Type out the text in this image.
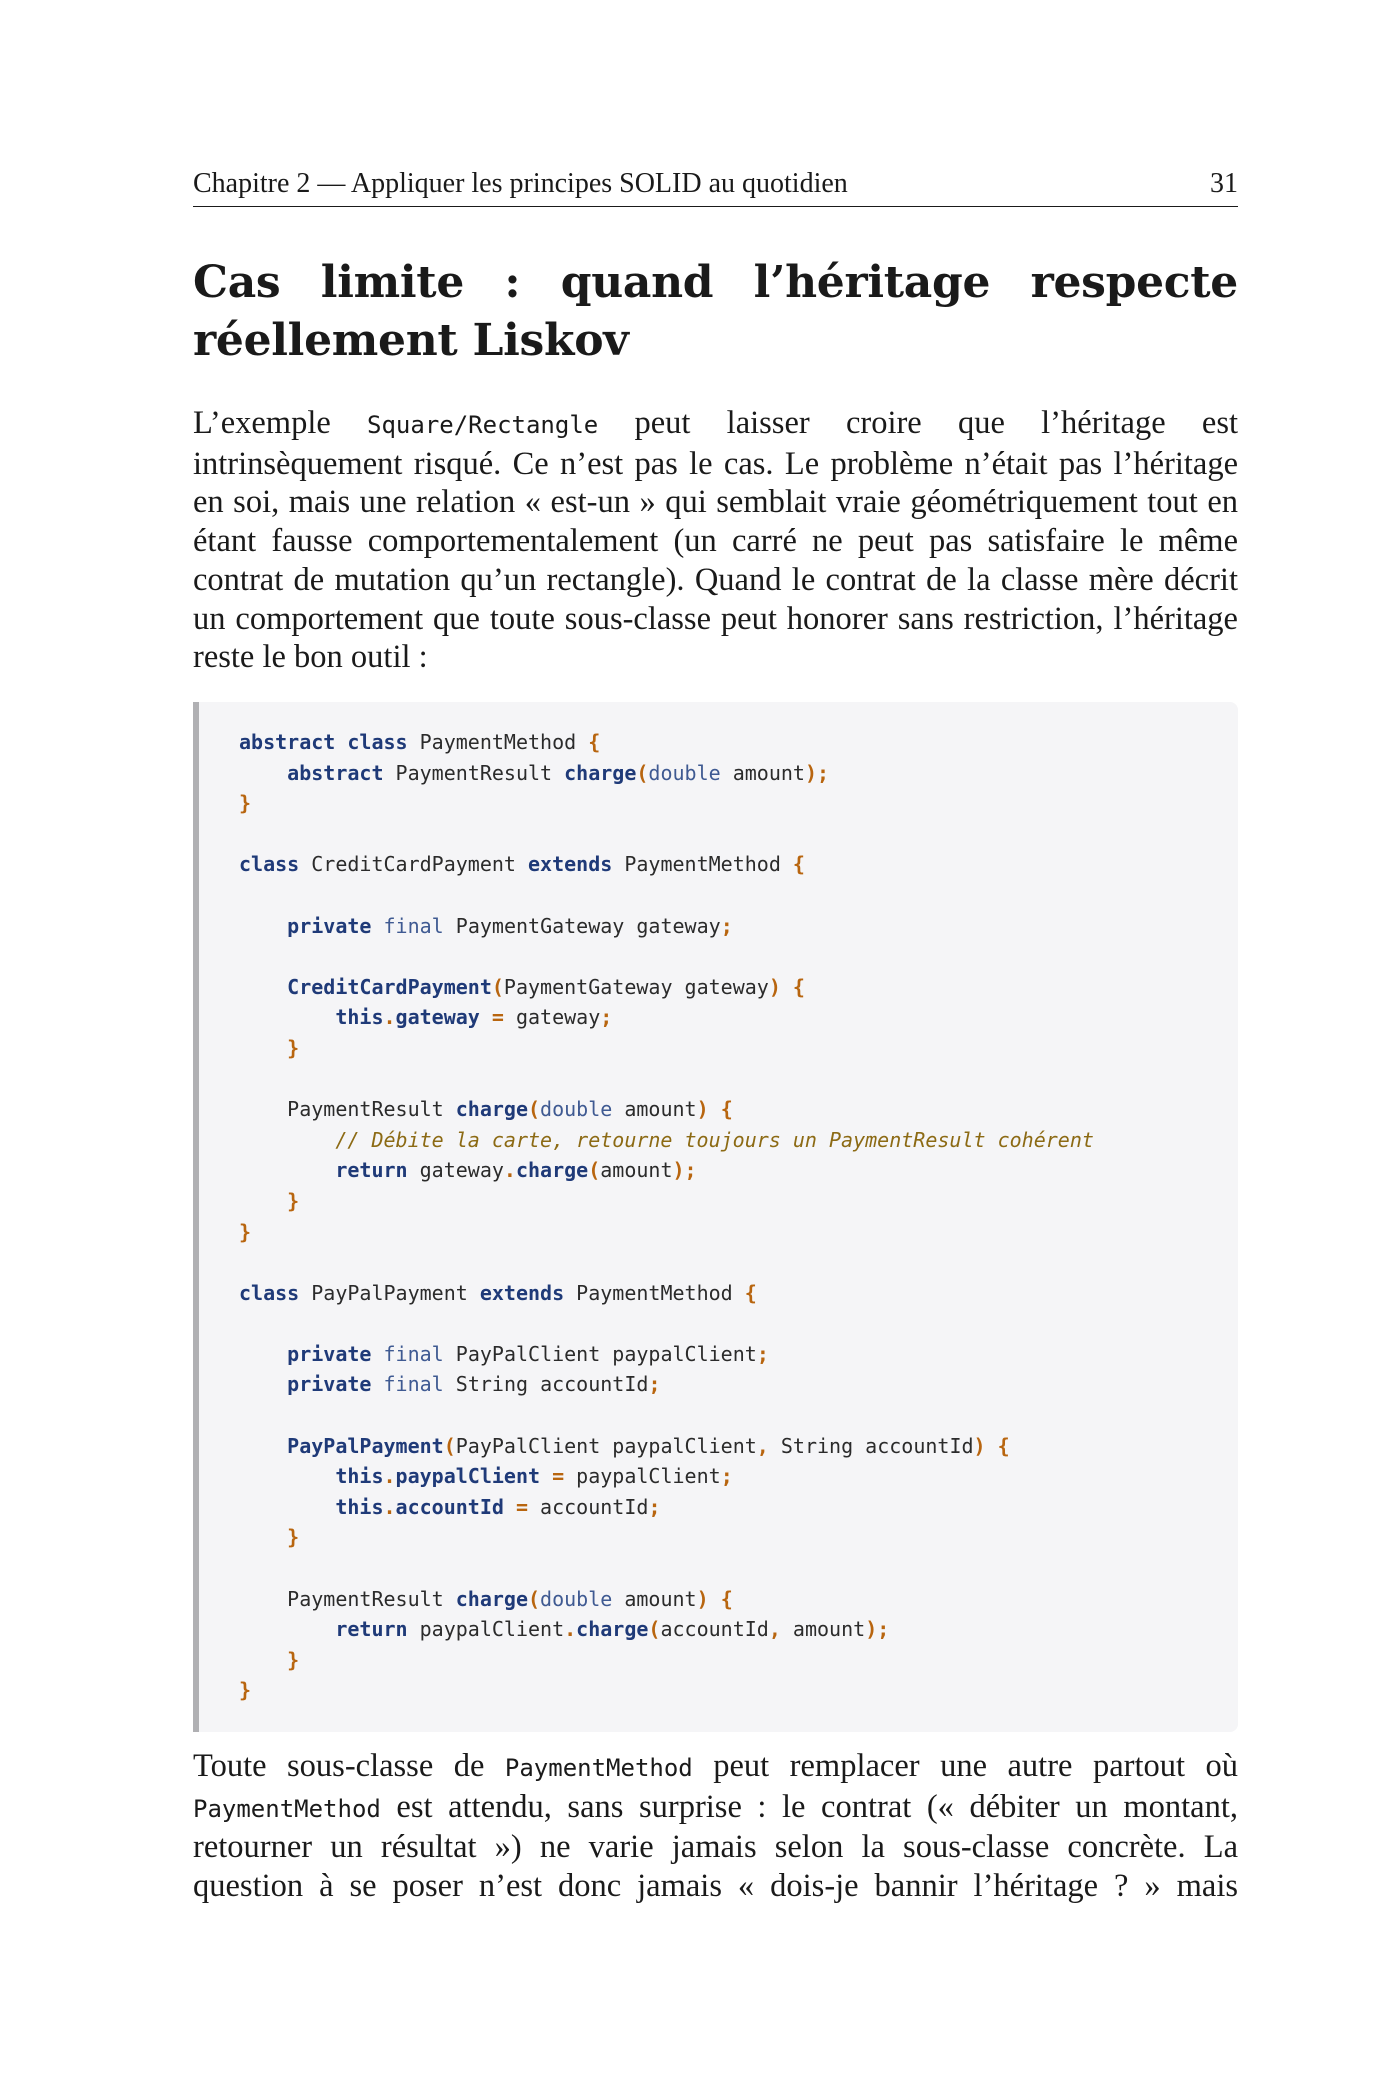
Chapitre 2 — Appliquer les principes SOLID au quotidien	31
Cas limite : quand l’héritage respecte réellement Liskov

L’exemple Square/Rectangle peut laisser croire que l’héritage est intrinsèquement risqué. Ce n’est pas le cas. Le problème n’était pas l’héritage en soi, mais une relation « est-un » qui semblait vraie géométriquement tout en étant fausse comportementalement (un carré ne peut pas satisfaire le même contrat de mutation qu’un rectangle). Quand le contrat de la classe mère décrit un comportement que toute sous-classe peut honorer sans restriction, l’héritage reste le bon outil :

abstract class PaymentMethod {
abstract PaymentResult charge(double amount);
}
class CreditCardPayment extends PaymentMethod {
private final PaymentGateway gateway;
CreditCardPayment(PaymentGateway gateway) {
this.gateway = gateway;
}
PaymentResult charge(double amount) {
// Débite la carte, retourne toujours un PaymentResult cohérent
return gateway.charge(amount);
}
}
class PayPalPayment extends PaymentMethod {
private final PayPalClient paypalClient;
private final String accountId;
PayPalPayment(PayPalClient paypalClient, String accountId) {
this.paypalClient = paypalClient;
this.accountId = accountId;
}
PaymentResult charge(double amount) {
return paypalClient.charge(accountId, amount);
}
}

Toute sous-classe de PaymentMethod peut remplacer une autre partout où PaymentMethod est attendu, sans surprise : le contrat (« débiter un montant, retourner un résultat ») ne varie jamais selon la sous-classe concrète. La question à se poser n’est donc jamais « dois-je bannir l’héritage ? » mais
